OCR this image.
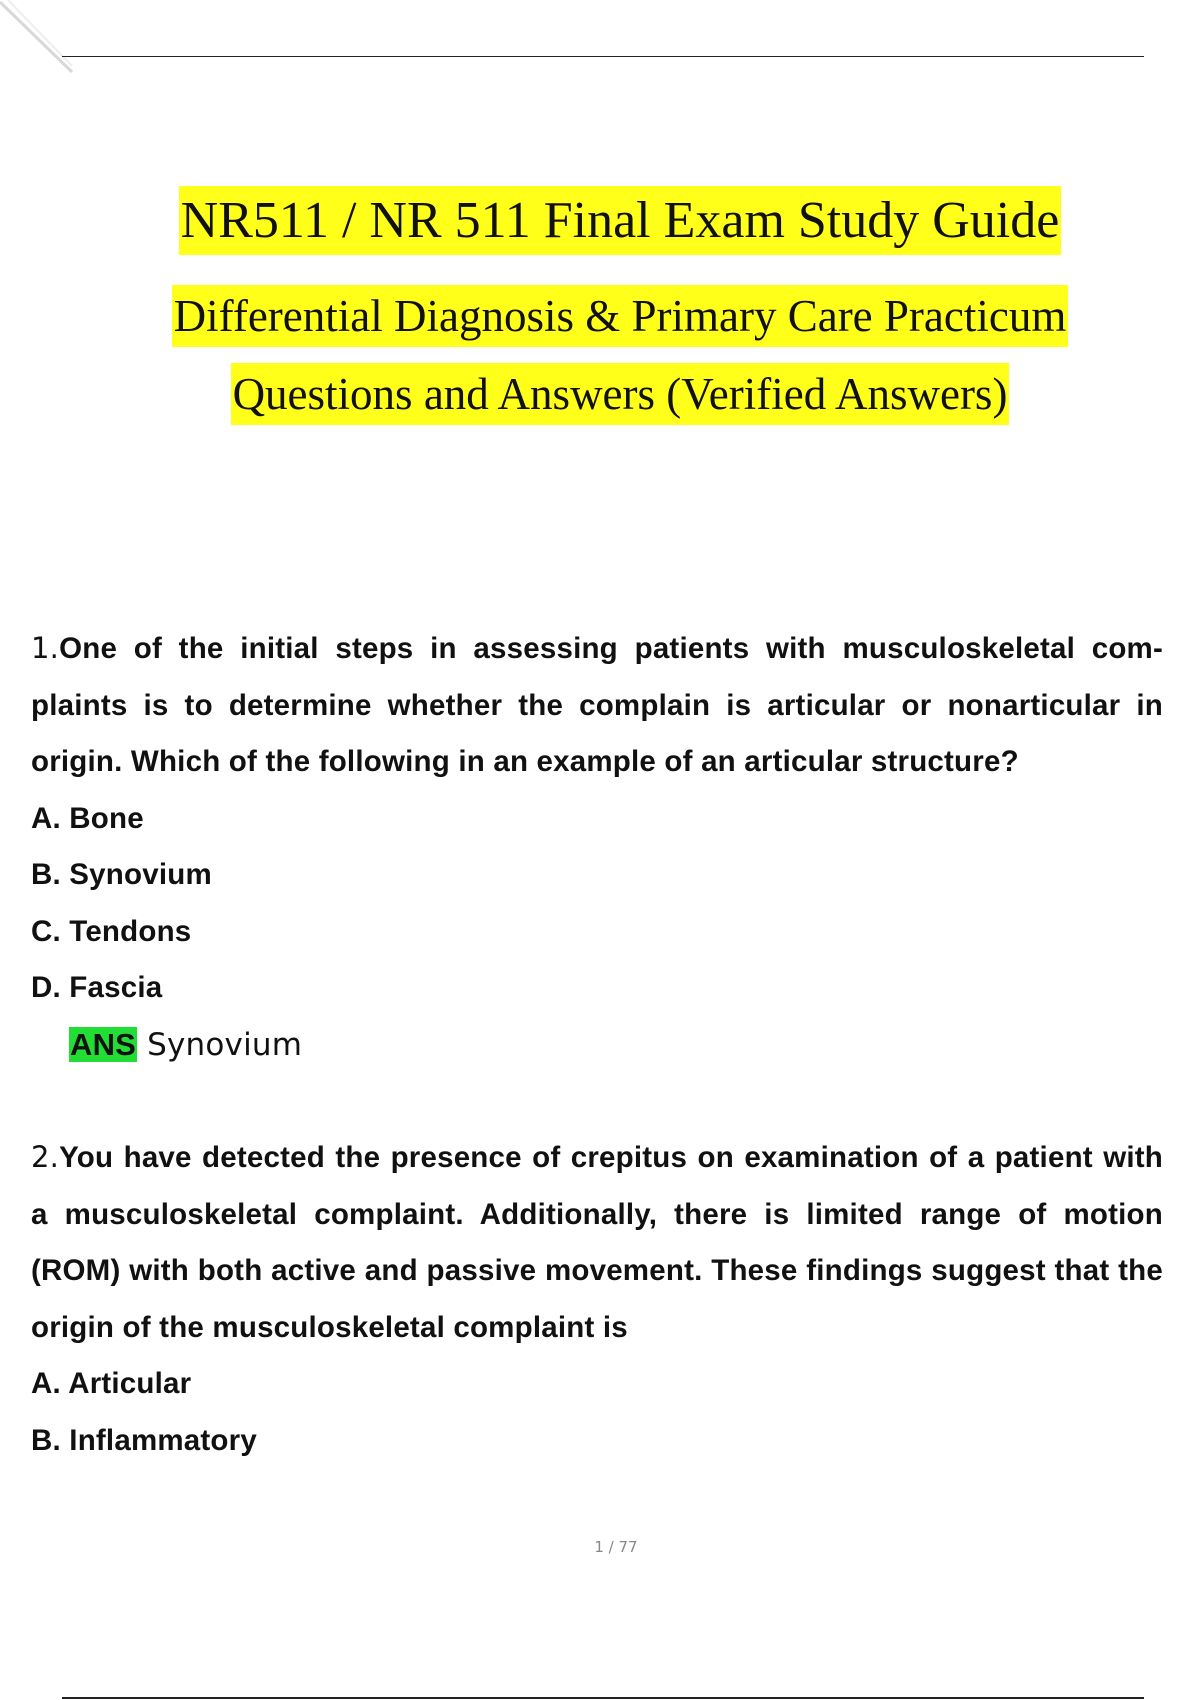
NR511 / NR 511 Final Exam Study Guide
Differential Diagnosis & Primary Care Practicum
Questions and Answers (Verified Answers)

1.One of the initial steps in assessing patients with musculoskeletal com- plaints is to determine whether the complain is articular or nonarticular in origin. Which of the following in an example of an articular structure?

A. Bone

B. Synovium

C. Tendons

D. Fascia

ANS Synovium

2.You have detected the presence of crepitus on examination of a patient with a musculoskeletal complaint. Additionally, there is limited range of motion (ROM) with both active and passive movement. These findings suggest that the origin of the musculoskeletal complaint is

A. Articular

B. Inflammatory

1 / 77
